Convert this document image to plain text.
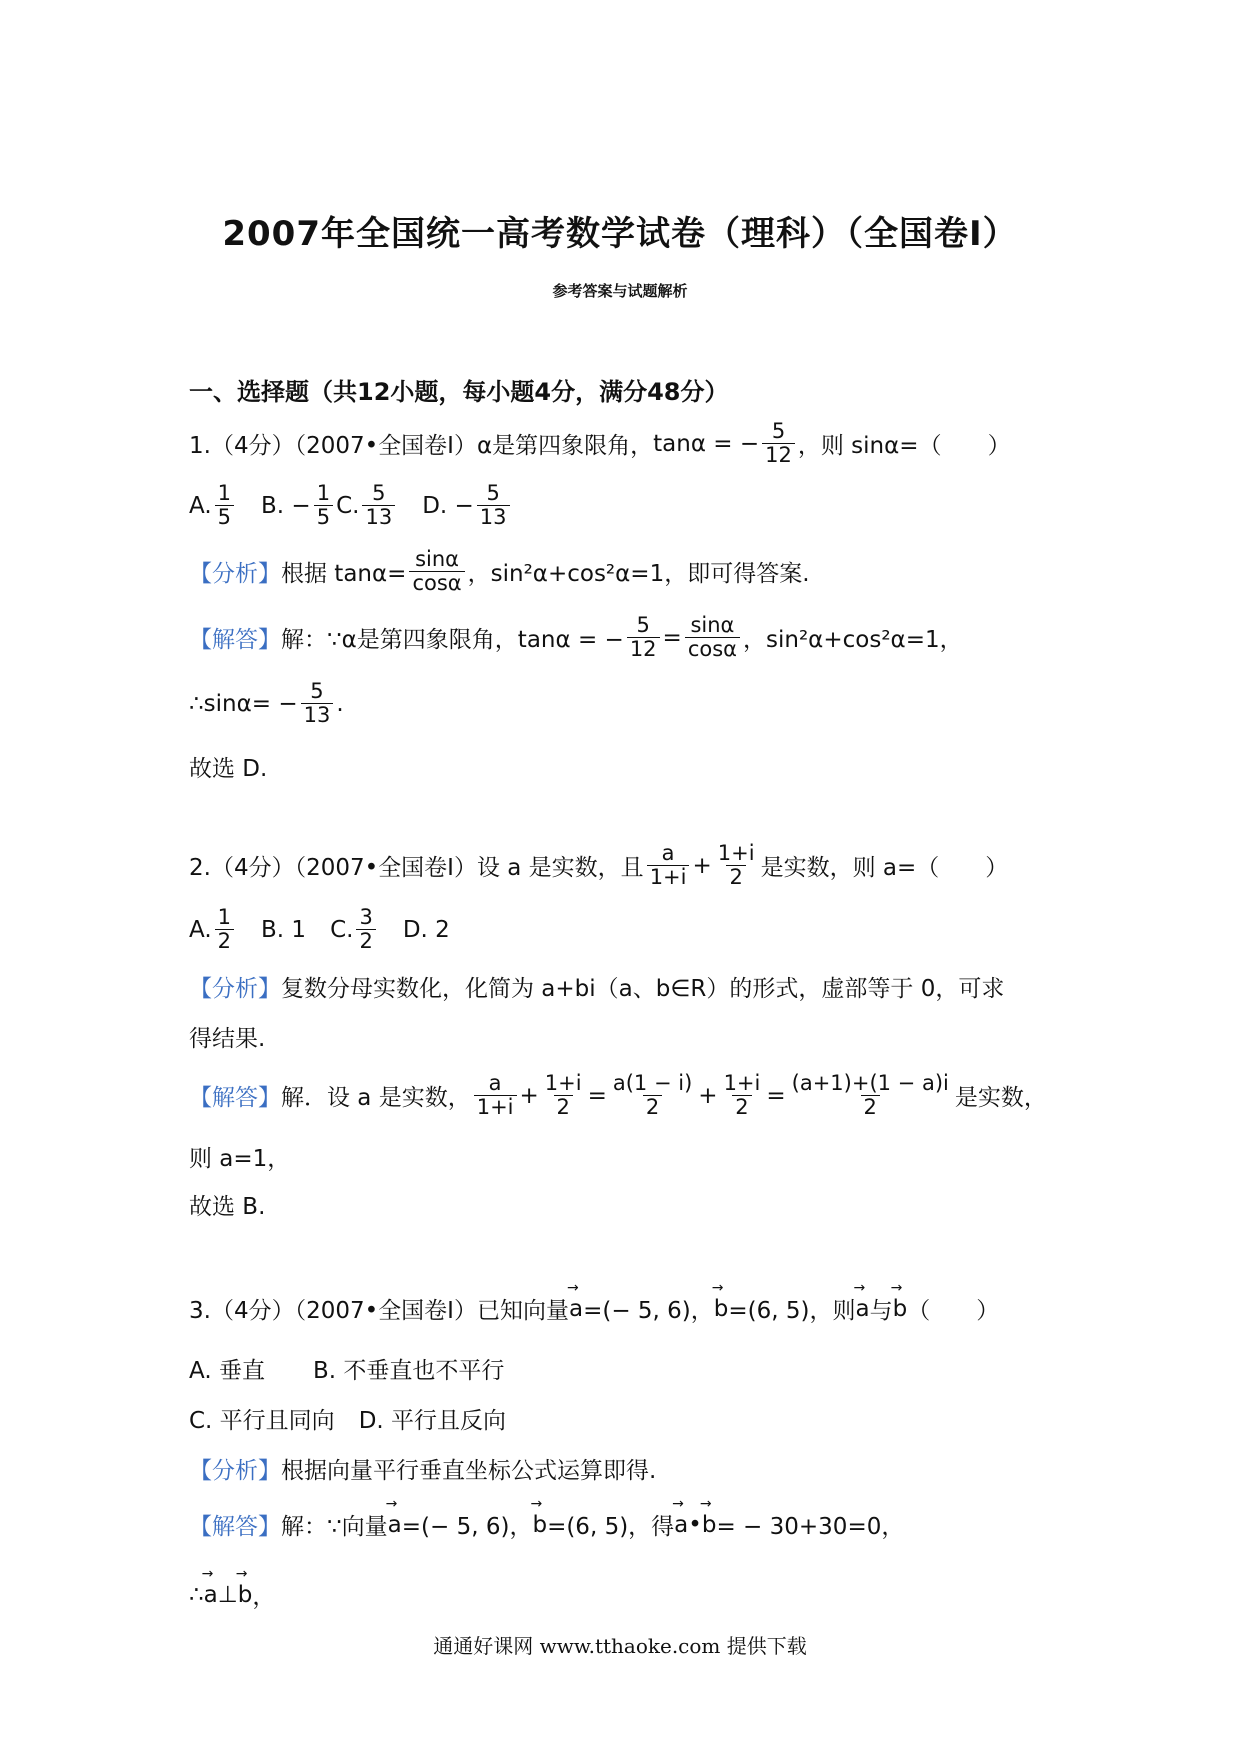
2007年全国统一高考数学试卷（理科）（全国卷Ⅰ）
参考答案与试题解析
一、选择题（共12小题，每小题4分，满分48分）
1.（4分）（2007•全国卷Ⅰ）α是第四象限角， tanα = − $\frac{5}{12}$ ，则 sinα=（　　）
A. $\frac{1}{5} B$. − $\frac{1}{5} C$. $\frac{5}{13} D$. − $\frac{5}{13}$
【分析】 根据 $\tan\alpha= \frac{\sin\alpha}{\cos\alpha}$ ，sin²α+cos²α=1，即可得答案.
【解答】 解：∵α是第四象限角，tanα = − $\frac{5}{12} = \frac{\sin\alpha}{\cos\alpha}$ ，sin²α+cos²α=1，
∴sinα= − $\frac{5}{13}$ .
故选 D.
2.（4分）（2007•全国卷Ⅰ）设 a 是实数，且 $\frac{a}{1+i} + \frac{1+i}{2}$ 是实数，则 a=（　　）
A. $\frac{1}{2} B$. 1 C. $\frac{3}{2} D$. 2
【分析】 复数分母实数化，化简为 a+bi（a、b∈R）的形式，虚部等于 0，可求
得结果.
【解答】 解．设 a 是实数， $\frac{a}{1+i} + \frac{1+i}{2} = \frac{a(1 - i)}{2} + \frac{1+i}{2} = \frac{(a+1)+(1 - a)i}{2}$ 是实数，
则 a=1，
故选 B.
3.（4分）（2007•全国卷Ⅰ）已知向量 → a =(− 5, 6)， → b =(6, 5)，则 → a 与 → b （　　）
A. 垂直 B. 不垂直也不平行
C. 平行且同向 D. 平行且反向
【分析】 根据向量平行垂直坐标公式运算即得.
【解答】 解：∵向量 → a =(− 5, 6)， → b =(6, 5)，得 → a • → b = − 30+30=0，
∴ → a ⊥ → b ，
通通好课网 www.tthaoke.com 提供下载
